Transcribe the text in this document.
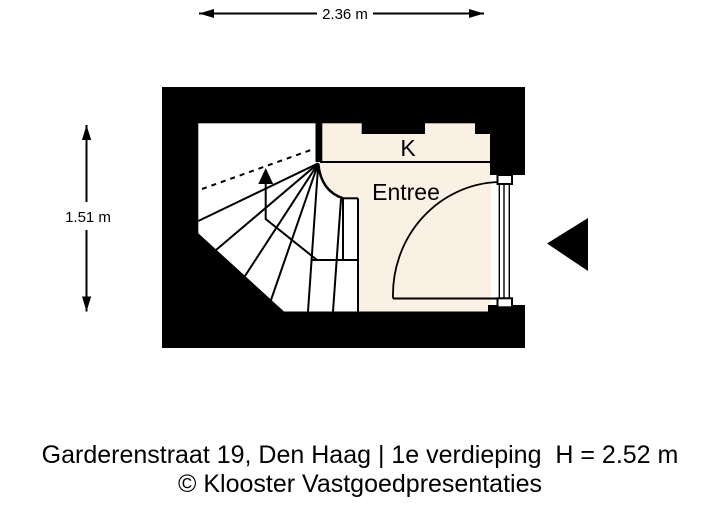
2.36 m
1.51 m
K
Entree
Garderenstraat 19, Den Haag | 1e verdieping  H = 2.52 m
© Klooster Vastgoedpresentaties
